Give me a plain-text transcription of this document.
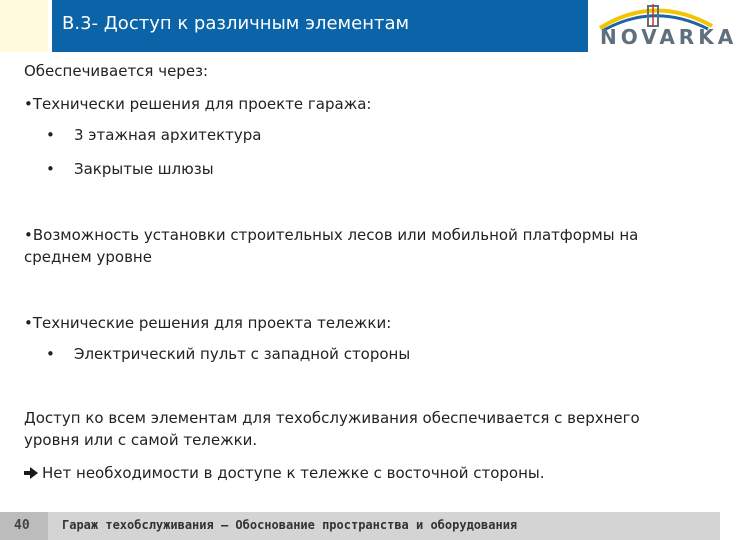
B.3- Доступ к различным элементам
NOVARKA
Обеспечивается через:
•Технически решения для проекте гаража:
• 3 этажная архитектура
• Закрытые шлюзы
•Возможность установки строительных лесов или мобильной платформы на среднем уровне
•Технические решения для проекта тележки:
• Электрический пульт с западной стороны
Доступ ко всем элементам для техобслуживания обеспечивается с верхнего уровня или с самой тележки.
Нет необходимости в доступе к тележке с восточной стороны.
40	Гараж техобслуживания – Обоснование пространства и оборудования
